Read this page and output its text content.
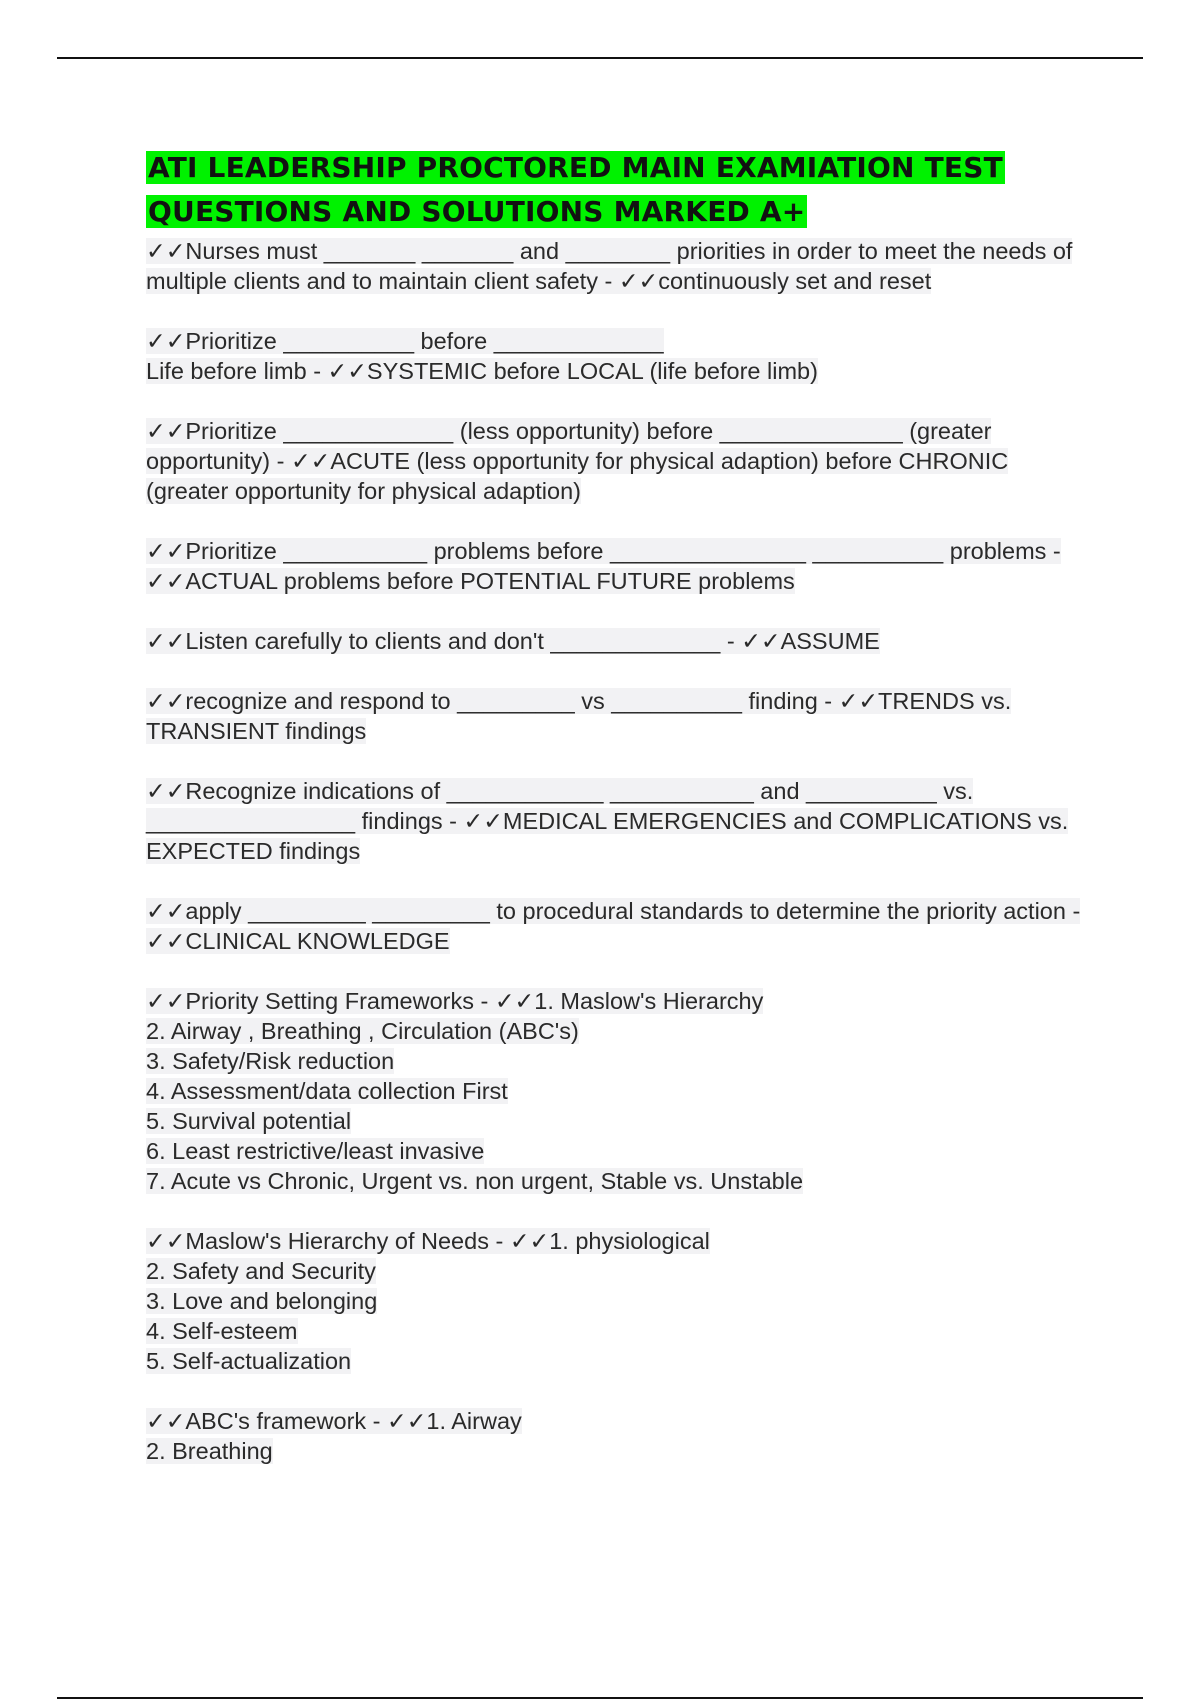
ATI LEADERSHIP PROCTORED MAIN EXAMIATION TEST
QUESTIONS AND SOLUTIONS MARKED A+

✓✓Nurses must _______ _______ and ________ priorities in order to meet the needs of
multiple clients and to maintain client safety - ✓✓continuously set and reset

✓✓Prioritize __________ before _____________
Life before limb - ✓✓SYSTEMIC before LOCAL (life before limb)

✓✓Prioritize _____________ (less opportunity) before ______________ (greater
opportunity) - ✓✓ACUTE (less opportunity for physical adaption) before CHRONIC
(greater opportunity for physical adaption)

✓✓Prioritize ___________ problems before _______________ __________ problems -
✓✓ACTUAL problems before POTENTIAL FUTURE problems

✓✓Listen carefully to clients and don't _____________ - ✓✓ASSUME

✓✓recognize and respond to _________ vs __________ finding - ✓✓TRENDS vs.
TRANSIENT findings

✓✓Recognize indications of ____________ ___________ and __________ vs.
________________ findings - ✓✓MEDICAL EMERGENCIES and COMPLICATIONS vs.
EXPECTED findings

✓✓apply _________ _________ to procedural standards to determine the priority action -
✓✓CLINICAL KNOWLEDGE

✓✓Priority Setting Frameworks - ✓✓1. Maslow's Hierarchy
2. Airway , Breathing , Circulation (ABC's)
3. Safety/Risk reduction
4. Assessment/data collection First
5. Survival potential
6. Least restrictive/least invasive
7. Acute vs Chronic, Urgent vs. non urgent, Stable vs. Unstable

✓✓Maslow's Hierarchy of Needs - ✓✓1. physiological
2. Safety and Security
3. Love and belonging
4. Self-esteem
5. Self-actualization

✓✓ABC's framework - ✓✓1. Airway
2. Breathing
